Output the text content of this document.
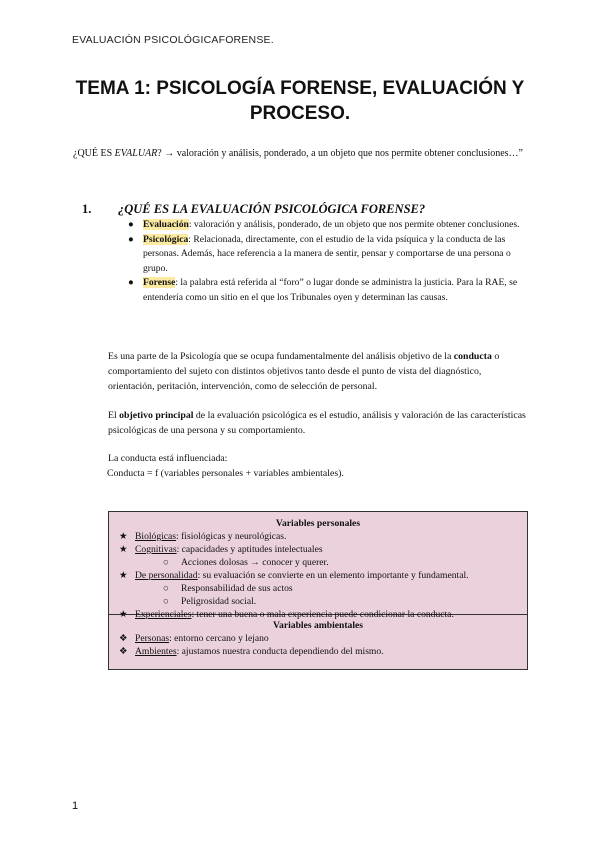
EVALUACIÓN PSICOLÓGICAFORENSE.
TEMA 1: PSICOLOGÍA FORENSE, EVALUACIÓN Y
PROCESO.
¿QUÉ ES EVALUAR? → valoración y análisis, ponderado, a un objeto que nos permite obtener conclusiones…”
1. ¿QUÉ ES LA EVALUACIÓN PSICOLÓGICA FORENSE?
● Evaluación: valoración y análisis, ponderado, de un objeto que nos permite obtener conclusiones.
● Psicológica: Relacionada, directamente, con el estudio de la vida psíquica y la conducta de las personas. Además, hace referencia a la manera de sentir, pensar y comportarse de una persona o grupo.
● Forense: la palabra está referida al “foro” o lugar donde se administra la justicia. Para la RAE, se entendería como un sitio en el que los Tribunales oyen y determinan las causas.
Es una parte de la Psicología que se ocupa fundamentalmente del análisis objetivo de la conducta o comportamiento del sujeto con distintos objetivos tanto desde el punto de vista del diagnóstico, orientación, peritación, intervención, como de selección de personal.
El objetivo principal de la evaluación psicológica es el estudio, análisis y valoración de las características psicológicas de una persona y su comportamiento.
La conducta está influenciada:
Conducta = f (variables personales + variables ambientales).
Variables personales
★ Biológicas: fisiológicas y neurológicas.
★ Cognitivas: capacidades y aptitudes intelectuales
○ Acciones dolosas → conocer y querer.
★ De personalidad: su evaluación se convierte en un elemento importante y fundamental.
○ Responsabilidad de sus actos
○ Peligrosidad social.
★ Experienciales: tener una buena o mala experiencia puede condicionar la conducta.
Variables ambientales
❖ Personas: entorno cercano y lejano
❖ Ambientes: ajustamos nuestra conducta dependiendo del mismo.
1
